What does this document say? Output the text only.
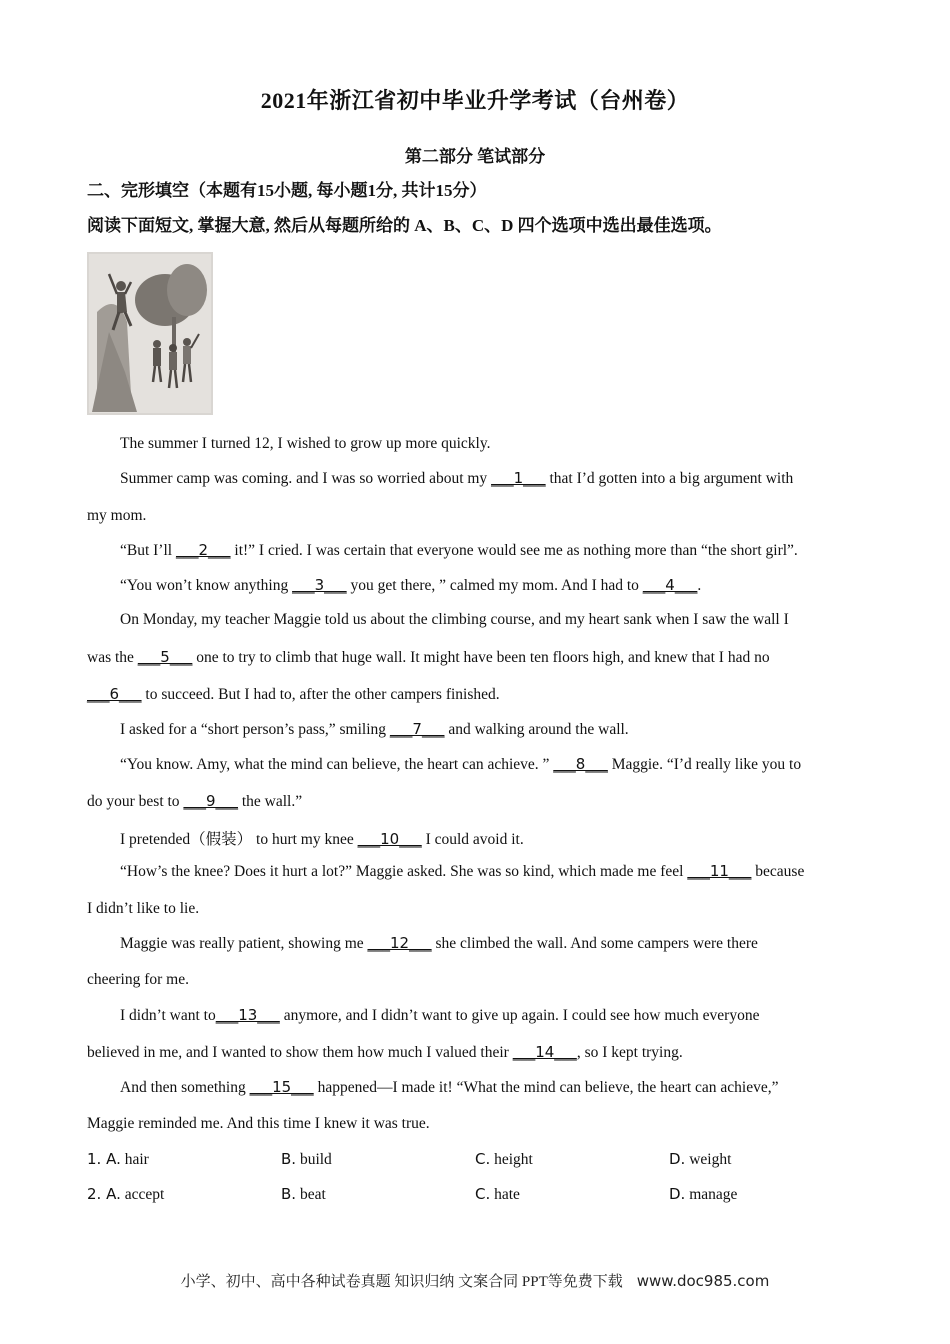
2021年浙江省初中毕业升学考试（台州卷）
第二部分 笔试部分
二、完形填空（本题有15小题, 每小题1分, 共计15分）
阅读下面短文, 掌握大意, 然后从每题所给的 A、B、C、D 四个选项中选出最佳选项。

The summer I turned 12, I wished to grow up more quickly.

Summer camp was coming. and I was so worried about my ___1___ that I’d gotten into a big argument with

my mom.

“But I’ll ___2___ it!” I cried. I was certain that everyone would see me as nothing more than “the short girl”.

“You won’t know anything ___3___ you get there, ” calmed my mom. And I had to ___4___.

On Monday, my teacher Maggie told us about the climbing course, and my heart sank when I saw the wall I

was the ___5___ one to try to climb that huge wall. It might have been ten floors high, and knew that I had no

___6___ to succeed. But I had to, after the other campers finished.

I asked for a “short person’s pass,” smiling ___7___ and walking around the wall.

“You know. Amy, what the mind can believe, the heart can achieve. ” ___8___ Maggie. “I’d really like you to

do your best to ___9___ the wall.”

I pretended（假装） to hurt my knee ___10___ I could avoid it.

“How’s the knee? Does it hurt a lot?” Maggie asked. She was so kind, which made me feel ___11___ because

I didn’t like to lie.

Maggie was really patient, showing me ___12___ she climbed the wall. And some campers were there

cheering for me.

I didn’t want to___13___ anymore, and I didn’t want to give up again. I could see how much everyone

believed in me, and I wanted to show them how much I valued their ___14___, so I kept trying.

And then something ___15___ happened—I made it! “What the mind can believe, the heart can achieve,”

Maggie reminded me. And this time I knew it was true.

1. A. hair	B. build	C. height	D. weight
2. A. accept	B. beat	C. hate	D. manage
小学、初中、高中各种试卷真题 知识归纳 文案合同 PPT等免费下载 www.doc985.com
